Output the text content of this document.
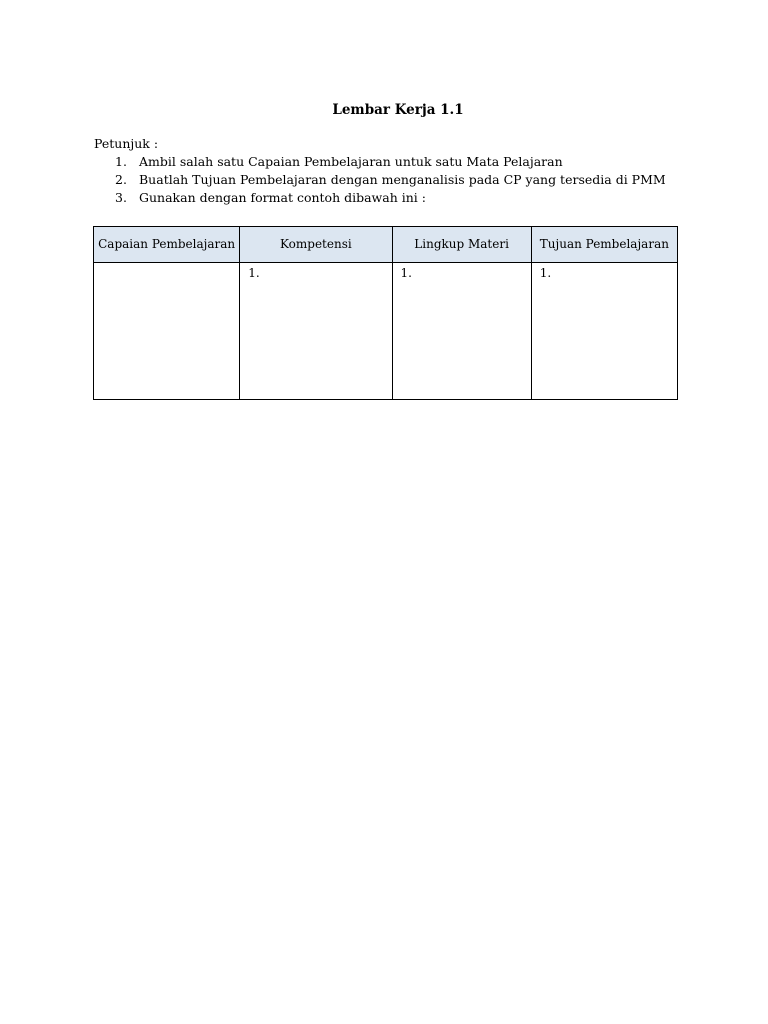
Lembar Kerja 1.1
Petunjuk :
1. Ambil salah satu Capaian Pembelajaran untuk satu Mata Pelajaran
2. Buatlah Tujuan Pembelajaran dengan menganalisis pada CP yang tersedia di PMM
3. Gunakan dengan format contoh dibawah ini :
Capaian Pembelajaran	Kompetensi	Lingkup Materi	Tujuan Pembelajaran

	1.	1.	1.
